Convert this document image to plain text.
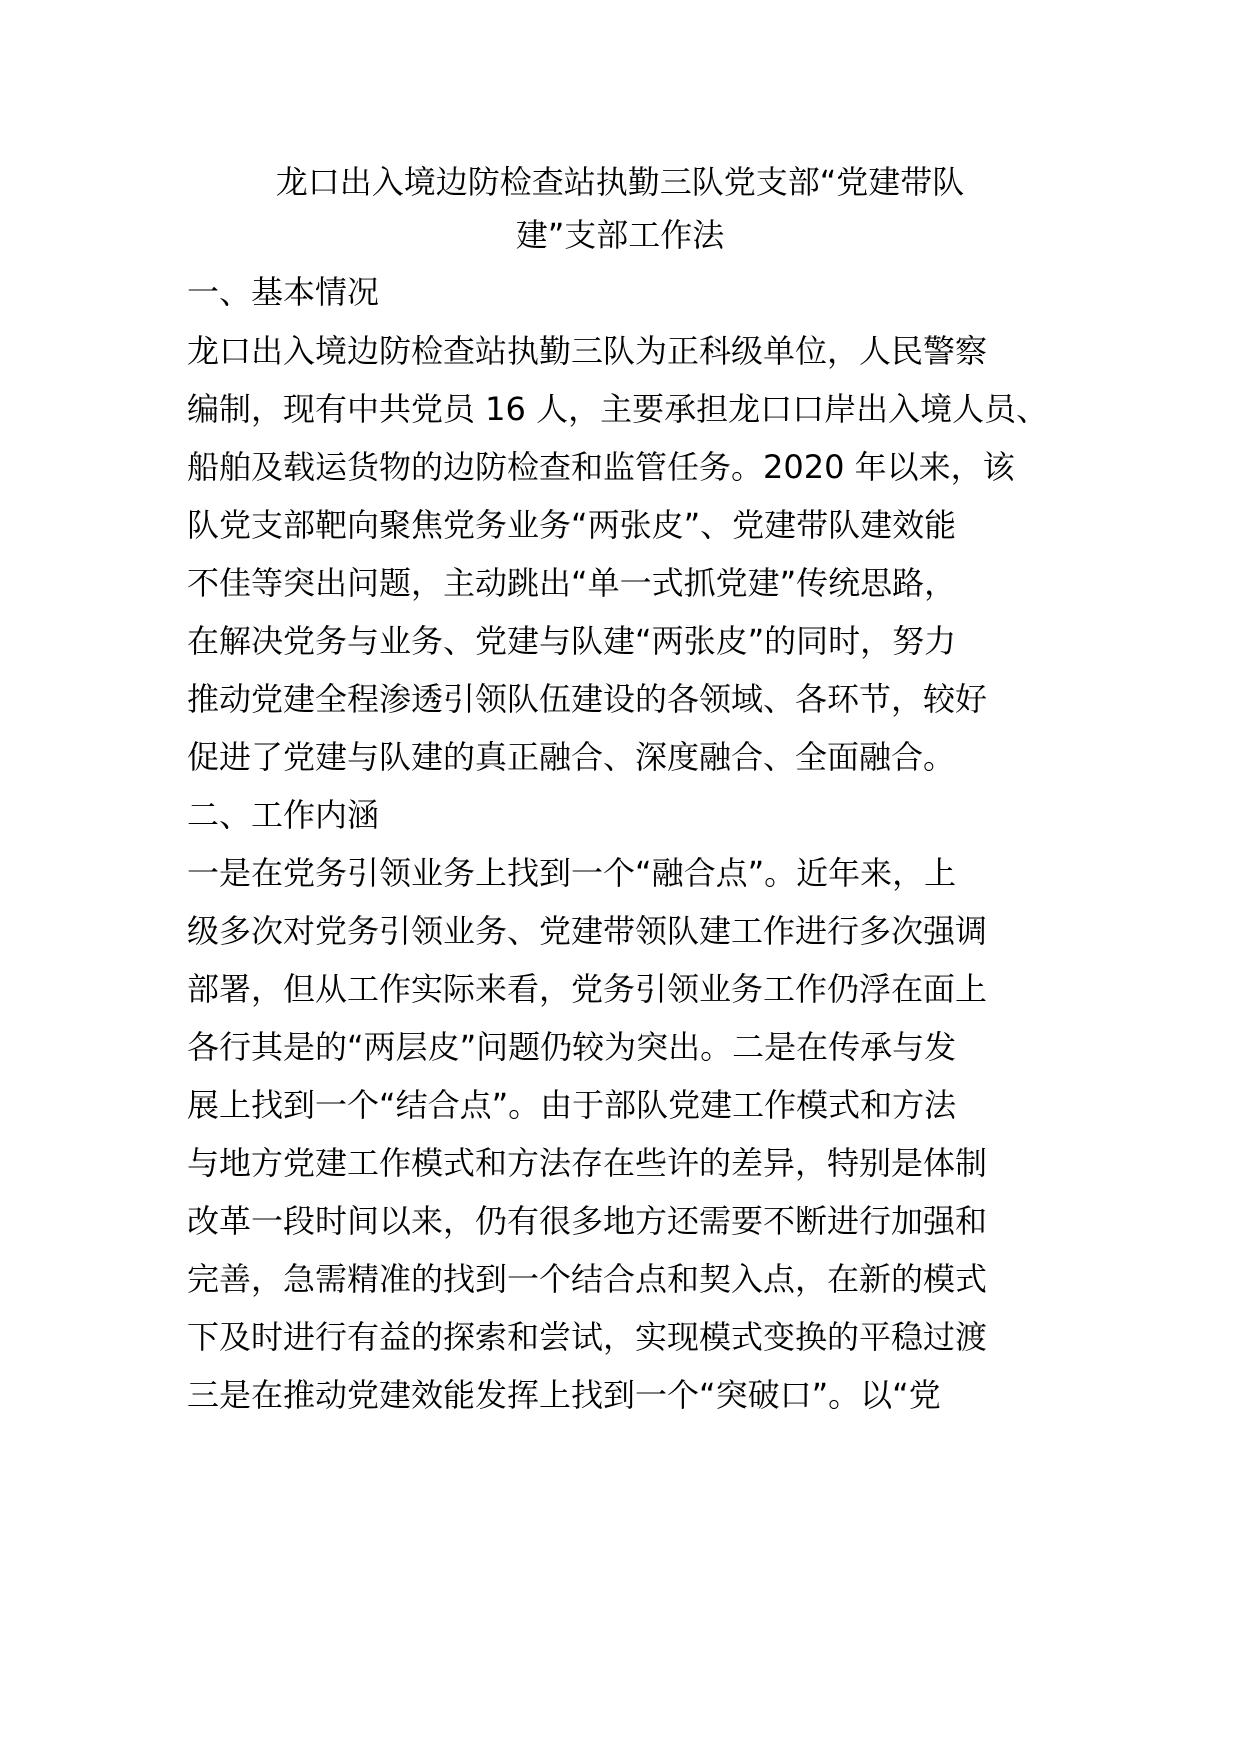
龙口出入境边防检查站执勤三队党支部“党建带队
建”支部工作法
一、基本情况
龙口出入境边防检查站执勤三队为正科级单位，人民警察
编制，现有中共党员 16 人，主要承担龙口口岸出入境人员、
船舶及载运货物的边防检查和监管任务。2020 年以来，该
队党支部靶向聚焦党务业务“两张皮”、党建带队建效能
不佳等突出问题，主动跳出“单一式抓党建”传统思路，
在解决党务与业务、党建与队建“两张皮”的同时，努力
推动党建全程渗透引领队伍建设的各领域、各环节，较好
促进了党建与队建的真正融合、深度融合、全面融合。
二、工作内涵
一是在党务引领业务上找到一个“融合点”。近年来，上
级多次对党务引领业务、党建带领队建工作进行多次强调
部署，但从工作实际来看，党务引领业务工作仍浮在面上
各行其是的“两层皮”问题仍较为突出。二是在传承与发
展上找到一个“结合点”。由于部队党建工作模式和方法
与地方党建工作模式和方法存在些许的差异，特别是体制
改革一段时间以来，仍有很多地方还需要不断进行加强和
完善，急需精准的找到一个结合点和契入点，在新的模式
下及时进行有益的探索和尝试，实现模式变换的平稳过渡
三是在推动党建效能发挥上找到一个“突破口”。以“党
